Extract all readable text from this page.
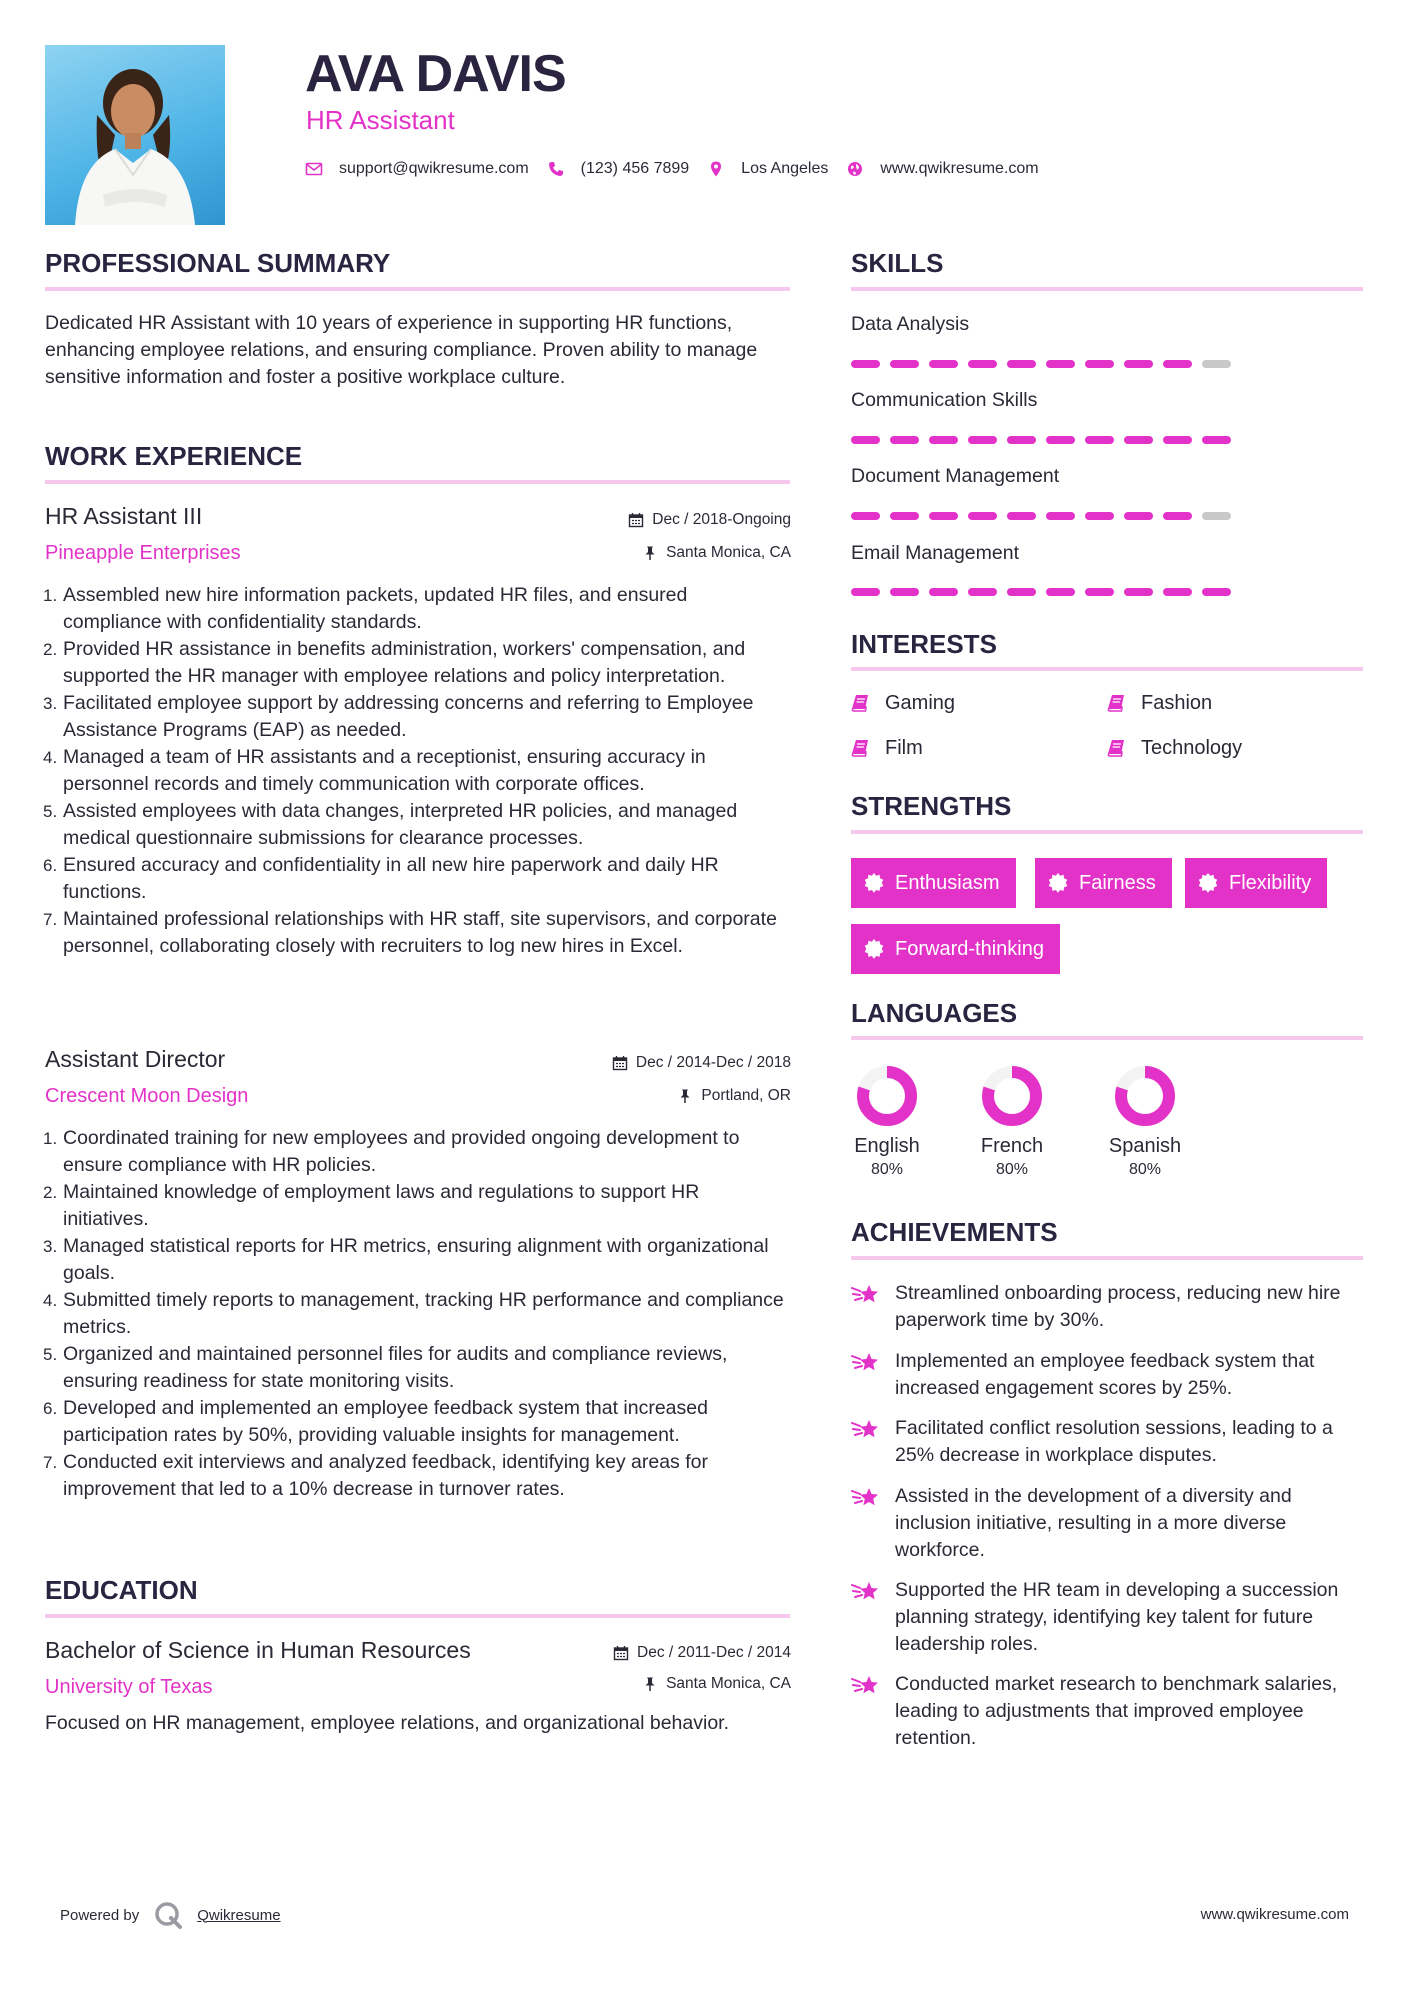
AVA DAVIS
HR Assistant
support@qwikresume.com	(123) 456 7899	Los Angeles	www.qwikresume.com
PROFESSIONAL SUMMARY
Dedicated HR Assistant with 10 years of experience in supporting HR functions, enhancing employee relations, and ensuring compliance. Proven ability to manage sensitive information and foster a positive workplace culture.
WORK EXPERIENCE
HR Assistant III	Dec / 2018-Ongoing
Pineapple Enterprises	Santa Monica, CA
1. Assembled new hire information packets, updated HR files, and ensured compliance with confidentiality standards.
2. Provided HR assistance in benefits administration, workers' compensation, and supported the HR manager with employee relations and policy interpretation.
3. Facilitated employee support by addressing concerns and referring to Employee Assistance Programs (EAP) as needed.
4. Managed a team of HR assistants and a receptionist, ensuring accuracy in personnel records and timely communication with corporate offices.
5. Assisted employees with data changes, interpreted HR policies, and managed medical questionnaire submissions for clearance processes.
6. Ensured accuracy and confidentiality in all new hire paperwork and daily HR functions.
7. Maintained professional relationships with HR staff, site supervisors, and corporate personnel, collaborating closely with recruiters to log new hires in Excel.
Assistant Director	Dec / 2014-Dec / 2018
Crescent Moon Design	Portland, OR
1. Coordinated training for new employees and provided ongoing development to ensure compliance with HR policies.
2. Maintained knowledge of employment laws and regulations to support HR initiatives.
3. Managed statistical reports for HR metrics, ensuring alignment with organizational goals.
4. Submitted timely reports to management, tracking HR performance and compliance metrics.
5. Organized and maintained personnel files for audits and compliance reviews, ensuring readiness for state monitoring visits.
6. Developed and implemented an employee feedback system that increased participation rates by 50%, providing valuable insights for management.
7. Conducted exit interviews and analyzed feedback, identifying key areas for improvement that led to a 10% decrease in turnover rates.
EDUCATION
Bachelor of Science in Human Resources	Dec / 2011-Dec / 2014
University of Texas	Santa Monica, CA
Focused on HR management, employee relations, and organizational behavior.
SKILLS
Data Analysis
Communication Skills
Document Management
Email Management
INTERESTS
Gaming	Fashion
Film	Technology
STRENGTHS
Enthusiasm	Fairness	Flexibility
Forward-thinking
LANGUAGES
English
80%
French
80%
Spanish
80%
ACHIEVEMENTS
Streamlined onboarding process, reducing new hire paperwork time by 30%.
Implemented an employee feedback system that increased engagement scores by 25%.
Facilitated conflict resolution sessions, leading to a 25% decrease in workplace disputes.
Assisted in the development of a diversity and inclusion initiative, resulting in a more diverse workforce.
Supported the HR team in developing a succession planning strategy, identifying key talent for future leadership roles.
Conducted market research to benchmark salaries, leading to adjustments that improved employee retention.
Powered by	Qwikresume	www.qwikresume.com
